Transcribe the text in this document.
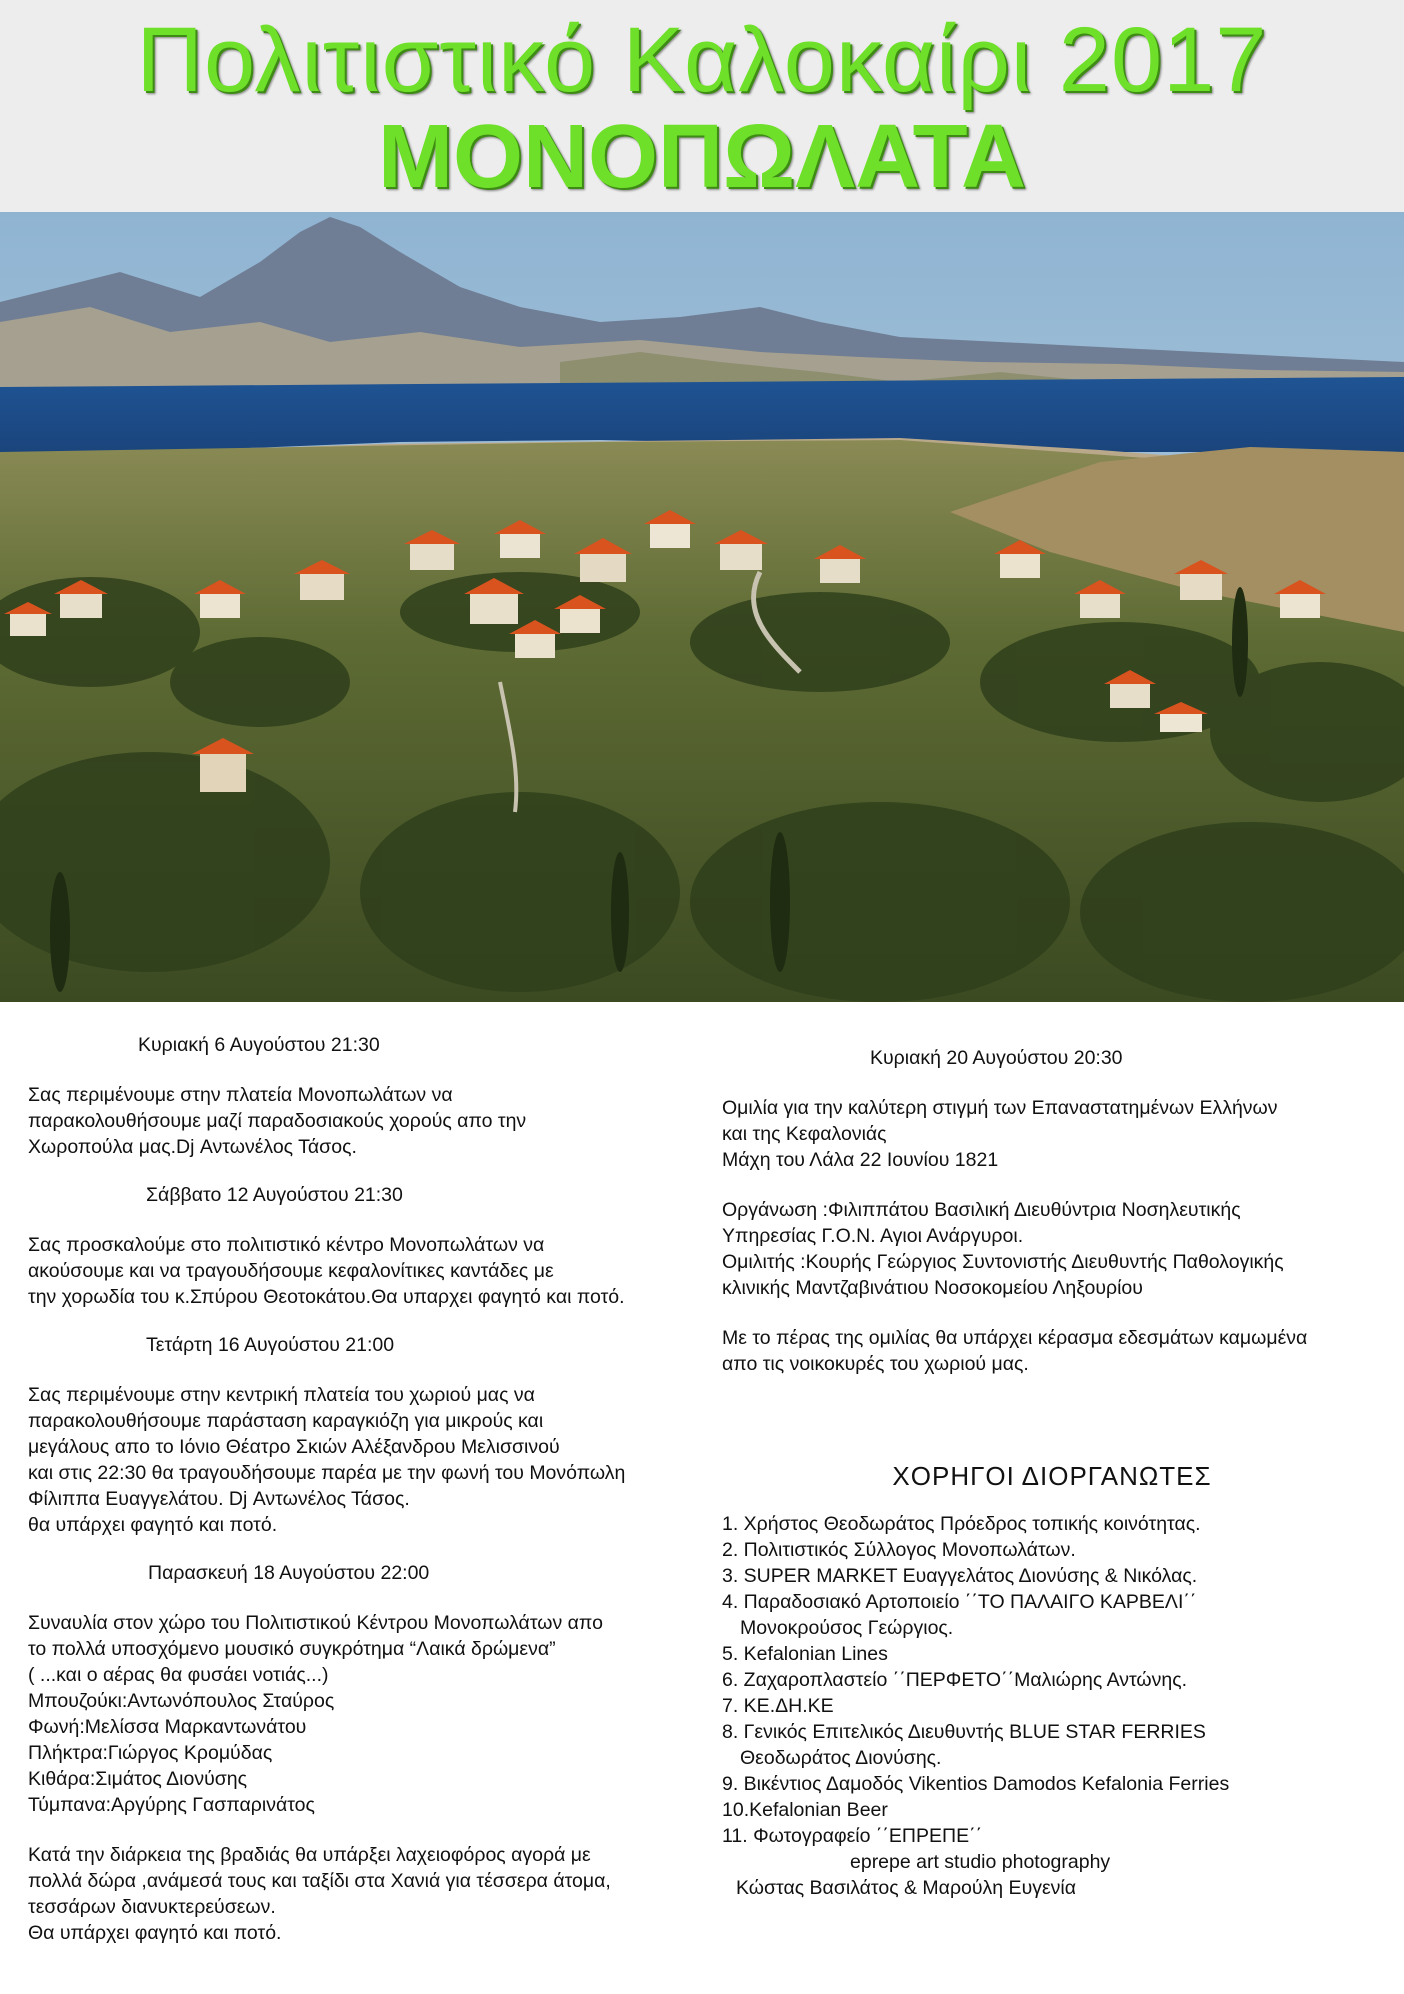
Πολιτιστικό Καλοκαίρι 2017
ΜΟΝΟΠΩΛΑΤΑ

Κυριακή 6 Αυγούστου 21:30

Σας περιμένουμε στην πλατεία Μονοπωλάτων να

παρακολουθήσουμε μαζί παραδοσιακούς χορούς απο την

Χωροπούλα μας.Dj Αντωνέλος Τάσος.

Σάββατο 12 Αυγούστου 21:30

Σας προσκαλούμε στο πολιτιστικό κέντρο Μονοπωλάτων να

ακούσουμε και να τραγουδήσουμε κεφαλονίτικες καντάδες με

την χορωδία του κ.Σπύρου Θεοτοκάτου.Θα υπαρχει φαγητό και ποτό.

Τετάρτη 16 Αυγούστου 21:00

Σας περιμένουμε στην κεντρική πλατεία του χωριού μας να

παρακολουθήσουμε παράσταση καραγκιόζη για μικρούς και

μεγάλους απο το Ιόνιο Θέατρο Σκιών Αλέξανδρου Μελισσινού

και στις 22:30 θα τραγουδήσουμε παρέα με την φωνή του Μονόπωλη

Φίλιππα Ευαγγελάτου. Dj Αντωνέλος Τάσος.

θα υπάρχει φαγητό και ποτό.

Παρασκευή 18 Αυγούστου 22:00

Συναυλία στον χώρο του Πολιτιστικού Κέντρου Μονοπωλάτων απο

το πολλά υποσχόμενο μουσικό συγκρότημα “Λαικά δρώμενα”

( ...και ο αέρας θα φυσάει νοτιάς...)

Μπουζούκι:Αντωνόπουλος Σταύρος

Φωνή:Μελίσσα Μαρκαντωνάτου

Πλήκτρα:Γιώργος Κρομύδας

Κιθάρα:Σιμάτος Διονύσης

Τύμπανα:Αργύρης Γασπαρινάτος

Κατά την διάρκεια της βραδιάς θα υπάρξει λαχειοφόρος αγορά με

πολλά δώρα ,ανάμεσά τους και ταξίδι στα Χανιά για τέσσερα άτομα,

τεσσάρων διανυκτερεύσεων.

Θα υπάρχει φαγητό και ποτό.

Κυριακή 20 Αυγούστου 20:30

Ομιλία για την καλύτερη στιγμή των Επαναστατημένων Ελλήνων

και της Κεφαλονιάς

Μάχη του Λάλα 22 Ιουνίου 1821

Οργάνωση :Φιλιππάτου Βασιλική Διευθύντρια Νοσηλευτικής

Υπηρεσίας Γ.Ο.Ν. Αγιοι Ανάργυροι.

Ομιλιτής :Κουρής Γεώργιος Συντονιστής Διευθυντής Παθολογικής

κλινικής Μαντζαβινάτιου Νοσοκομείου Ληξουρίου

Με το πέρας της ομιλίας θα υπάρχει κέρασμα εδεσμάτων καμωμένα

απο τις νοικοκυρές του χωριού μας.

ΧΟΡΗΓΟΙ ΔΙΟΡΓΑΝΩΤΕΣ

1. Χρήστος Θεοδωράτος Πρόεδρος τοπικής κοινότητας.
2. Πολιτιστικός Σύλλογος Μονοπωλάτων.
3. SUPER MARKET Ευαγγελάτος Διονύσης & Νικόλας.
4. Παραδοσιακό Αρτοποιείο ΄΄ΤΟ ΠΑΛΑΙΓΟ ΚΑΡΒΕΛΙ΄΄
Μονοκρούσος Γεώργιος.
5. Kefalonian Lines
6. Ζαχαροπλαστείο ΄΄ΠΕΡΦΕΤΟ΄΄Μαλιώρης Αντώνης.
7. ΚΕ.ΔΗ.ΚΕ
8. Γενικός Επιτελικός Διευθυντής BLUE STAR FERRIES
Θεοδωράτος Διονύσης.
9. Βικέντιος Δαμοδός Vikentios Damodos Kefalonia Ferries
10.Kefalonian Beer
11. Φωτογραφείο ΄΄ΕΠΡΕΠΕ΄΄
eprepe art studio photography
Κώστας Βασιλάτος & Μαρούλη Ευγενία
